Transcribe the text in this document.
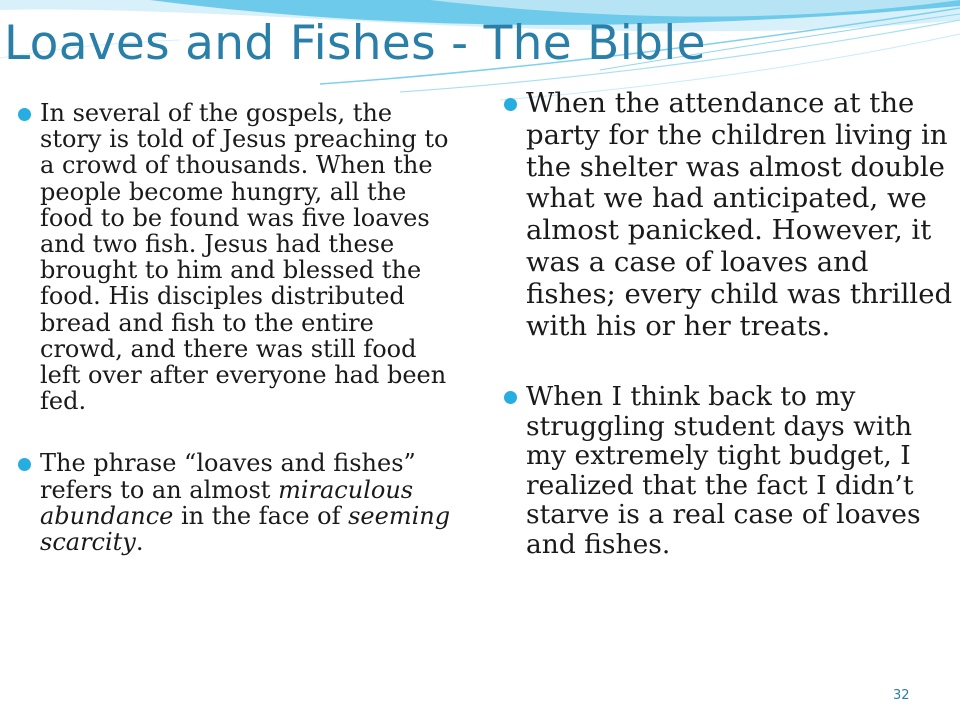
Loaves and Fishes - The Bible
In several of the gospels, the story is told of Jesus preaching to a crowd of thousands. When the people become hungry, all the food to be found was five loaves and two fish. Jesus had these brought to him and blessed the food. His disciples distributed bread and fish to the entire crowd, and there was still food left over after everyone had been fed.
The phrase “loaves and fishes” refers to an almost miraculous abundance in the face of seeming scarcity.
When the attendance at the party for the children living in the shelter was almost double what we had anticipated, we almost panicked. However, it was a case of loaves and fishes; every child was thrilled with his or her treats.
When I think back to my struggling student days with my extremely tight budget, I realized that the fact I didn’t starve is a real case of loaves and fishes.
32
